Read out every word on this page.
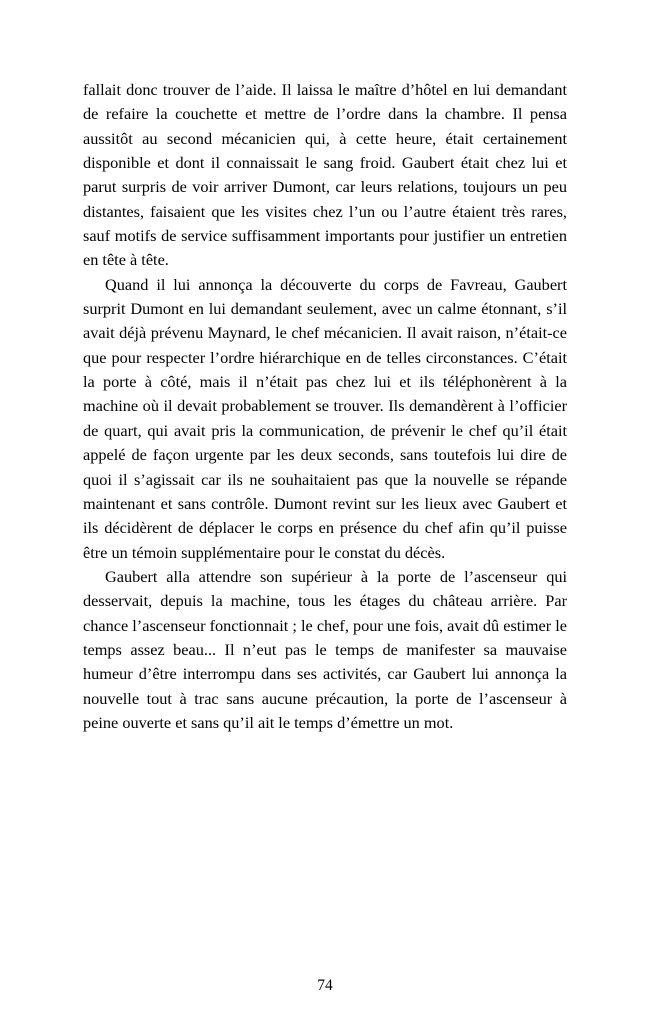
fallait donc trouver de l’aide. Il laissa le maître d’hôtel en lui demandant de refaire la couchette et mettre de l’ordre dans la chambre. Il pensa aussitôt au second mécanicien qui, à cette heure, était certainement disponible et dont il connaissait le sang froid. Gaubert était chez lui et parut surpris de voir arriver Dumont, car leurs relations, toujours un peu distantes, faisaient que les visites chez l’un ou l’autre étaient très rares, sauf motifs de service suffisamment importants pour justifier un entretien en tête à tête.

Quand il lui annonça la découverte du corps de Favreau, Gaubert surprit Dumont en lui demandant seulement, avec un calme étonnant, s’il avait déjà prévenu Maynard, le chef mécanicien. Il avait raison, n’était-ce que pour respecter l’ordre hiérarchique en de telles circonstances. C’était la porte à côté, mais il n’était pas chez lui et ils téléphonèrent à la machine où il devait probablement se trouver. Ils demandèrent à l’officier de quart, qui avait pris la communication, de prévenir le chef qu’il était appelé de façon urgente par les deux seconds, sans toutefois lui dire de quoi il s’agissait car ils ne souhaitaient pas que la nouvelle se répande maintenant et sans contrôle. Dumont revint sur les lieux avec Gaubert et ils décidèrent de déplacer le corps en présence du chef afin qu’il puisse être un témoin supplémentaire pour le constat du décès.

Gaubert alla attendre son supérieur à la porte de l’ascenseur qui desservait, depuis la machine, tous les étages du château arrière. Par chance l’ascenseur fonctionnait ; le chef, pour une fois, avait dû estimer le temps assez beau... Il n’eut pas le temps de manifester sa mauvaise humeur d’être interrompu dans ses activités, car Gaubert lui annonça la nouvelle tout à trac sans aucune précaution, la porte de l’ascenseur à peine ouverte et sans qu’il ait le temps d’émettre un mot.

74
